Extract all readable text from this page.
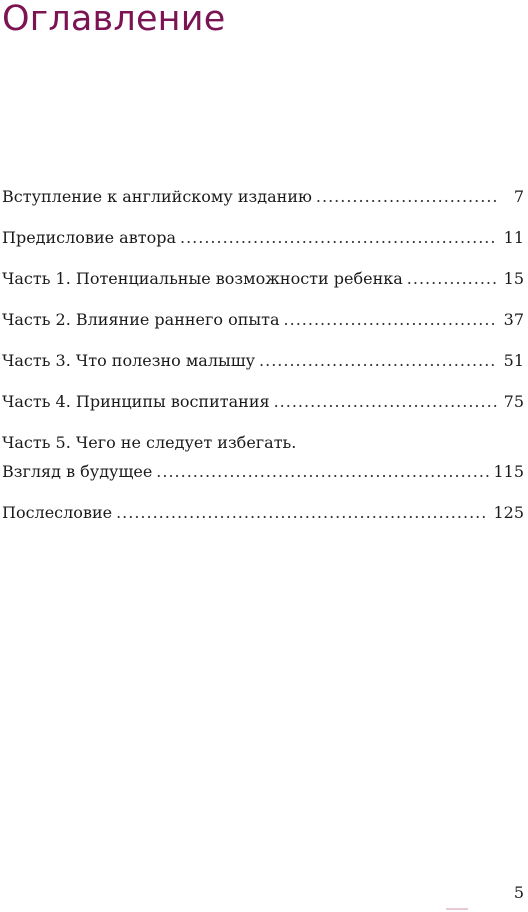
Оглавление
Вступление к английскому изданию .....	7
Предисловие автора .....	11
Часть 1. Потенциальные возможности ребенка .....	15
Часть 2. Влияние раннего опыта .....	37
Часть 3. Что полезно малышу .....	51
Часть 4. Принципы воспитания .....	75
Часть 5. Чего не следует избегать.
Взгляд в будущее .....	115
Послесловие .....	125
5
